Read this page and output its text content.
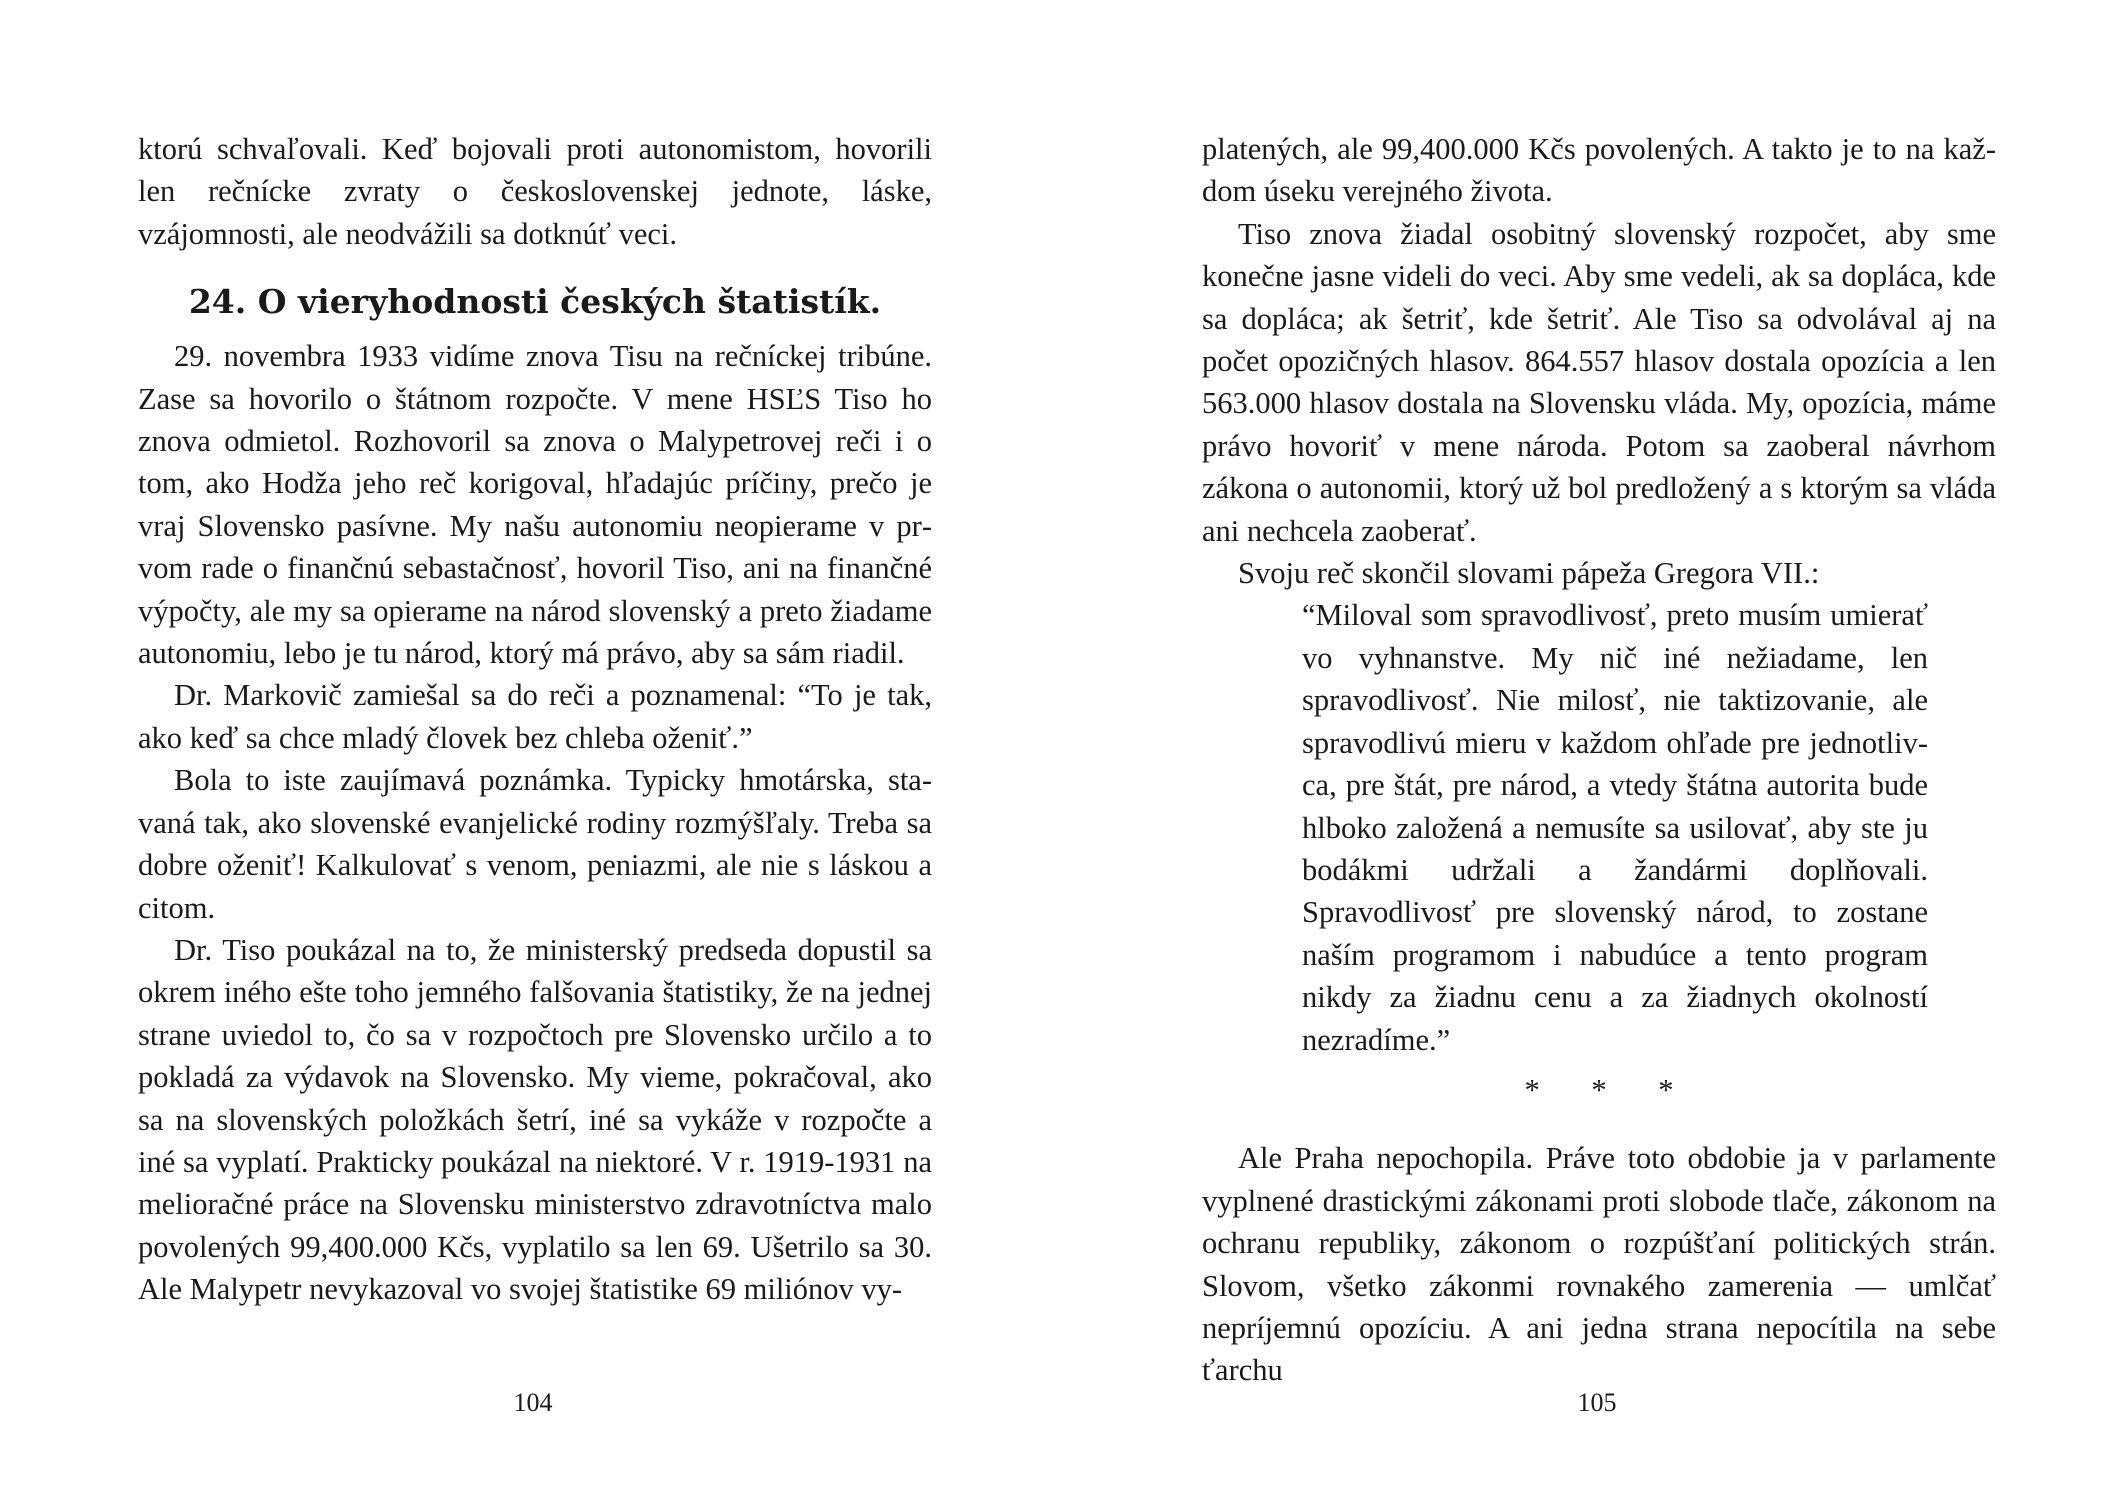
ktorú schvaľovali. Keď bojovali proti autonomistom, hovorili len rečnícke zvraty o československej jednote, láske, vzájomnosti, ale neodvážili sa dotknúť veci.

24. O vieryhodnosti českých štatistík.

29. novembra 1933 vidíme znova Tisu na rečníckej tribúne. Zase sa hovorilo o štátnom rozpočte. V mene HSĽS Tiso ho znova odmietol. Rozhovoril sa znova o Malypetrovej reči i o tom, ako Hodža jeho reč korigoval, hľadajúc príčiny, prečo je vraj Slovensko pasívne. My našu autonomiu neopierame v prvom rade o finančnú sebastačnosť, hovoril Tiso, ani na finančné výpočty, ale my sa opierame na národ slovenský a preto žiadame autonomiu, lebo je tu národ, ktorý má právo, aby sa sám riadil.

Dr. Markovič zamiešal sa do reči a poznamenal: “To je tak, ako keď sa chce mladý človek bez chleba oženiť.”

Bola to iste zaujímavá poznámka. Typicky hmotárska, stavaná tak, ako slovenské evanjelické rodiny rozmýšľaly. Treba sa dobre oženiť! Kalkulovať s venom, peniazmi, ale nie s láskou a citom.

Dr. Tiso poukázal na to, že ministerský predseda dopustil sa okrem iného ešte toho jemného falšovania štatistiky, že na jednej strane uviedol to, čo sa v rozpočtoch pre Slovensko určilo a to pokladá za výdavok na Slovensko. My vieme, pokračoval, ako sa na slovenských položkách šetrí, iné sa vykáže v rozpočte a iné sa vyplatí. Prakticky poukázal na niektoré. V r. 1919-1931 na melioračné práce na Slovensku ministerstvo zdravotníctva malo povolených 99,400.000 Kčs, vyplatilo sa len 69. Ušetrilo sa 30. Ale Malypetr nevykazoval vo svojej štatistike 69 miliónov vy-

platených, ale 99,400.000 Kčs povolených. A takto je to na každom úseku verejného života.

Tiso znova žiadal osobitný slovenský rozpočet, aby sme konečne jasne videli do veci. Aby sme vedeli, ak sa dopláca, kde sa dopláca; ak šetriť, kde šetriť. Ale Tiso sa odvolával aj na počet opozičných hlasov. 864.557 hlasov dostala opozícia a len 563.000 hlasov dostala na Slovensku vláda. My, opozícia, máme právo hovoriť v mene národa. Potom sa zaoberal návrhom zákona o autonomii, ktorý už bol predložený a s ktorým sa vláda ani nechcela zaoberať.

Svoju reč skončil slovami pápeža Gregora VII.:

“Miloval som spravodlivosť, preto musím umierať vo vyhnanstve. My nič iné nežiadame, len spravodlivosť. Nie milosť, nie taktizovanie, ale spravodlivú mieru v každom ohľade pre jednotlivca, pre štát, pre národ, a vtedy štátna autorita bude hlboko založená a nemusíte sa usilovať, aby ste ju bodákmi udržali a žandármi doplňovali. Spravodlivosť pre slovenský národ, to zostane naším programom i nabudúce a tento program nikdy za žiadnu cenu a za žiadnych okolností nezradíme.”

* * *

Ale Praha nepochopila. Práve toto obdobie ja v parlamente vyplnené drastickými zákonami proti slobode tlače, zákonom na ochranu republiky, zákonom o rozpúšťaní politických strán. Slovom, všetko zákonmi rovnakého zamerenia — umlčať nepríjemnú opozíciu. A ani jedna strana nepocítila na sebe ťarchu

104	105
